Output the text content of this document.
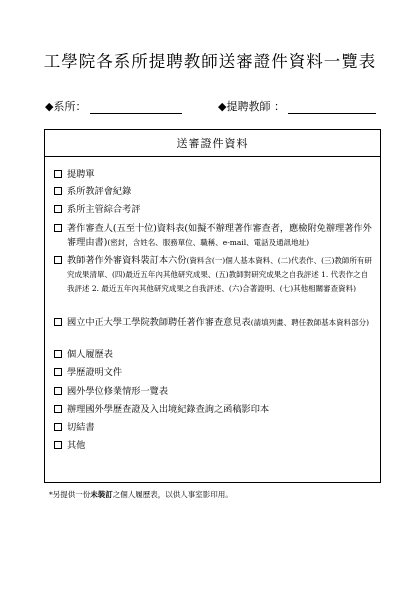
工學院各系所提聘教師送審證件資料一覽表
◆系所：	◆提聘教師 ：
送審證件資料
提聘單
系所教評會紀錄
系所主管綜合考評
著作審查人(五至十位)資料表(如擬不辦理著作審查者，應檢附免辦理著作外審理由書)(密封，含姓名、服務單位、職稱、e-mail、電話及通訊地址)
教師著作外審資料裝訂本六份(資料含(一)個人基本資料、(二)代表作、(三)教師所有研究成果清單、(四)最近五年內其他研究成果、(五)教師對研究成果之自我評述 1. 代表作之自我評述 2. 最近五年內其他研究成果之自我評述、(六)合著證明、(七)其他相關審查資料)
國立中正大學工學院教師聘任著作審查意見表(請填列畫、聘任教師基本資料部分)
個人履歷表
學歷證明文件
國外學位修業情形一覽表
辦理國外學歷查證及入出境紀錄查詢之函稿影印本
切結書
其他
*另提供一份未裝訂之個人履歷表，以供人事室影印用。
